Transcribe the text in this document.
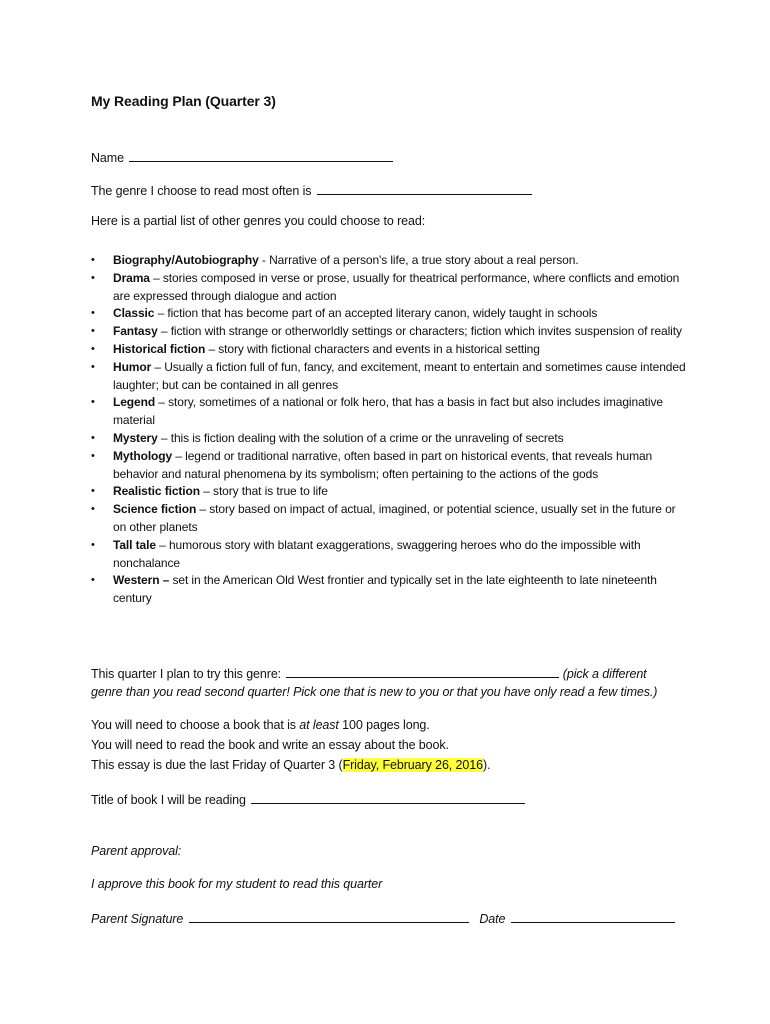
My Reading Plan (Quarter 3)
Name
The genre I choose to read most often is
Here is a partial list of other genres you could choose to read:
• Biography/Autobiography - Narrative of a person's life, a true story about a real person.
• Drama – stories composed in verse or prose, usually for theatrical performance, where conflicts and emotion are expressed through dialogue and action
• Classic – fiction that has become part of an accepted literary canon, widely taught in schools
• Fantasy – fiction with strange or otherworldly settings or characters; fiction which invites suspension of reality
• Historical fiction – story with fictional characters and events in a historical setting
• Humor – Usually a fiction full of fun, fancy, and excitement, meant to entertain and sometimes cause intended laughter; but can be contained in all genres
• Legend – story, sometimes of a national or folk hero, that has a basis in fact but also includes imaginative material
• Mystery – this is fiction dealing with the solution of a crime or the unraveling of secrets
• Mythology – legend or traditional narrative, often based in part on historical events, that reveals human behavior and natural phenomena by its symbolism; often pertaining to the actions of the gods
• Realistic fiction – story that is true to life
• Science fiction – story based on impact of actual, imagined, or potential science, usually set in the future or on other planets
• Tall tale – humorous story with blatant exaggerations, swaggering heroes who do the impossible with nonchalance
• Western – set in the American Old West frontier and typically set in the late eighteenth to late nineteenth century
This quarter I plan to try this genre:	(pick a different
genre than you read second quarter! Pick one that is new to you or that you have only read a few times.)
You will need to choose a book that is at least 100 pages long.
You will need to read the book and write an essay about the book.
This essay is due the last Friday of Quarter 3 (Friday, February 26, 2016).
Title of book I will be reading
Parent approval:
I approve this book for my student to read this quarter
Parent Signature	Date
